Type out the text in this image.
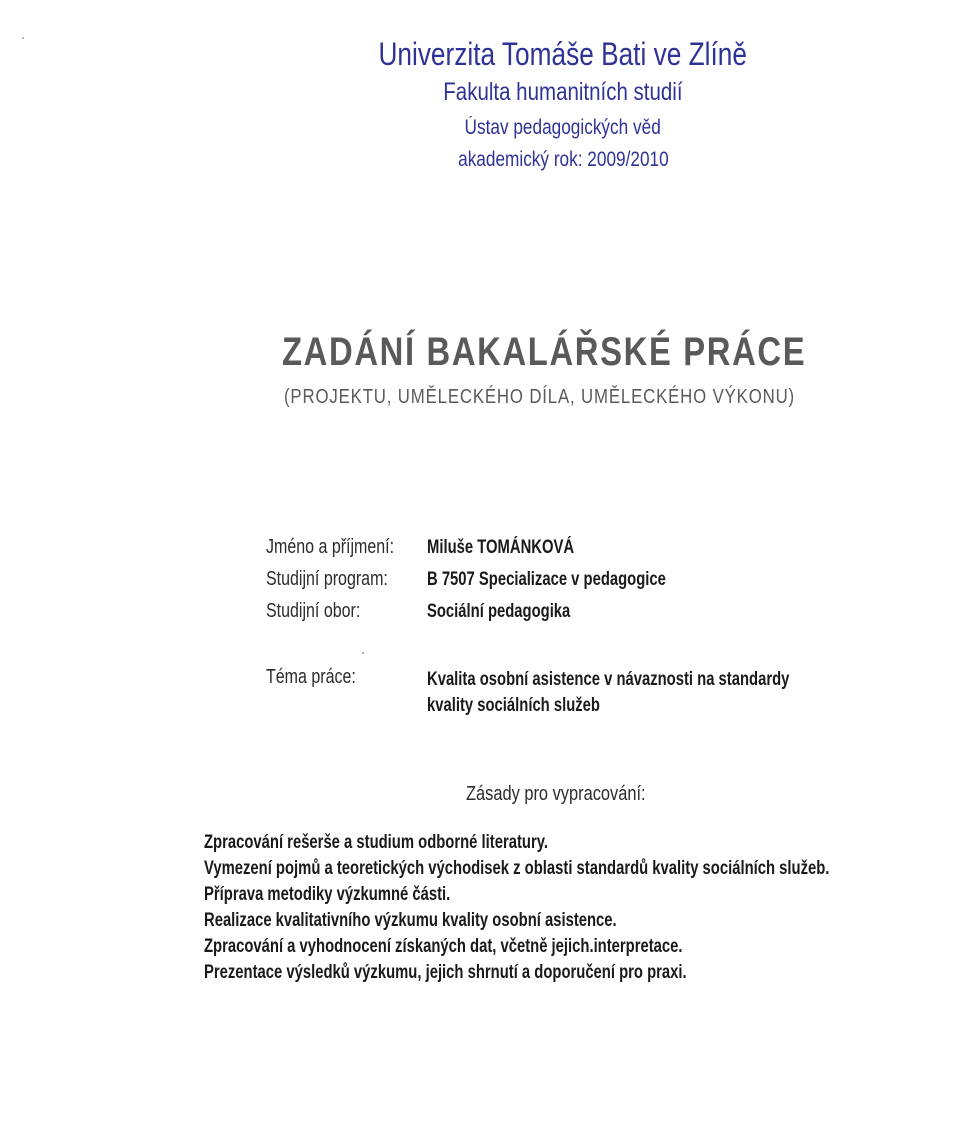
Univerzita Tomáše Bati ve Zlíně
Fakulta humanitních studií
Ústav pedagogických věd
akademický rok: 2009/2010
ZADÁNÍ BAKALÁŘSKÉ PRÁCE
(PROJEKTU, UMĚLECKÉHO DÍLA, UMĚLECKÉHO VÝKONU)
Jméno a příjmení:	Miluše TOMÁNKOVÁ
Studijní program:	B 7507 Specializace v pedagogice
Studijní obor:	Sociální pedagogika
Téma práce:	Kvalita osobní asistence v návaznosti na standardy
kvality sociálních služeb
Zásady pro vypracování:
Zpracování rešerše a studium odborné literatury.
Vymezení pojmů a teoretických východisek z oblasti standardů kvality sociálních služeb.
Příprava metodiky výzkumné části.
Realizace kvalitativního výzkumu kvality osobní asistence.
Zpracování a vyhodnocení získaných dat, včetně jejich.interpretace.
Prezentace výsledků výzkumu, jejich shrnutí a doporučení pro praxi.
